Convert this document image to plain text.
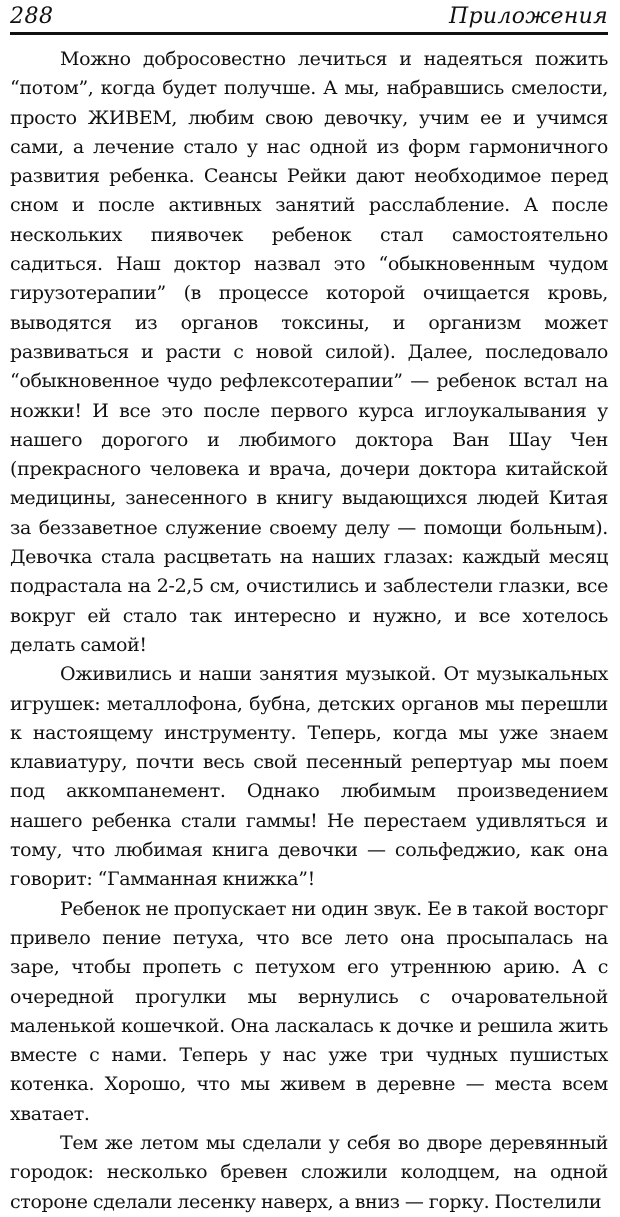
288	Приложения

Можно добросовестно лечиться и надеяться пожить “потом”, когда будет получше. А мы, набравшись смелости, просто ЖИВЕМ, любим свою девочку, учим ее и учимся сами, а лечение стало у нас одной из форм гармоничного развития ребенка. Сеансы Рейки дают необходимое перед сном и после активных занятий расслабление. А после нескольких пиявочек ребенок стал самостоятельно садиться. Наш доктор назвал это “обыкновенным чудом гирузотерапии” (в процессе которой очищается кровь, выводятся из органов токсины, и организм может развиваться и расти с новой силой). Далее, последовало “обыкновенное чудо рефлексотерапии” — ребенок встал на ножки! И все это после первого курса иглоукалывания у нашего дорогого и любимого доктора Ван Шау Чен (прекрасного человека и врача, дочери доктора китайской медицины, занесенного в книгу выдающихся людей Китая за беззаветное служение своему делу — помощи больным). Девочка стала расцветать на наших глазах: каждый месяц подрастала на 2-2,5 см, очистились и заблестели глазки, все вокруг ей стало так интересно и нужно, и все хотелось делать самой!

Оживились и наши занятия музыкой. От музыкальных игрушек: металлофона, бубна, детских органов мы перешли к настоящему инструменту. Теперь, когда мы уже знаем клавиатуру, почти весь свой песенный репертуар мы поем под аккомпанемент. Однако любимым произведением нашего ребенка стали гаммы! Не перестаем удивляться и тому, что любимая книга девочки — сольфеджио, как она говорит: “Гамманная книжка”!

Ребенок не пропускает ни один звук. Ее в такой восторг привело пение петуха, что все лето она просыпалась на заре, чтобы пропеть с петухом его утреннюю арию. А с очередной прогулки мы вернулись с очаровательной маленькой кошечкой. Она ласкалась к дочке и решила жить вместе с нами. Теперь у нас уже три чудных пушистых котенка. Хорошо, что мы живем в деревне — места всем хватает.

Тем же летом мы сделали у себя во дворе деревянный городок: несколько бревен сложили колодцем, на одной стороне сделали лесенку наверх, а вниз — горку. Постелили
